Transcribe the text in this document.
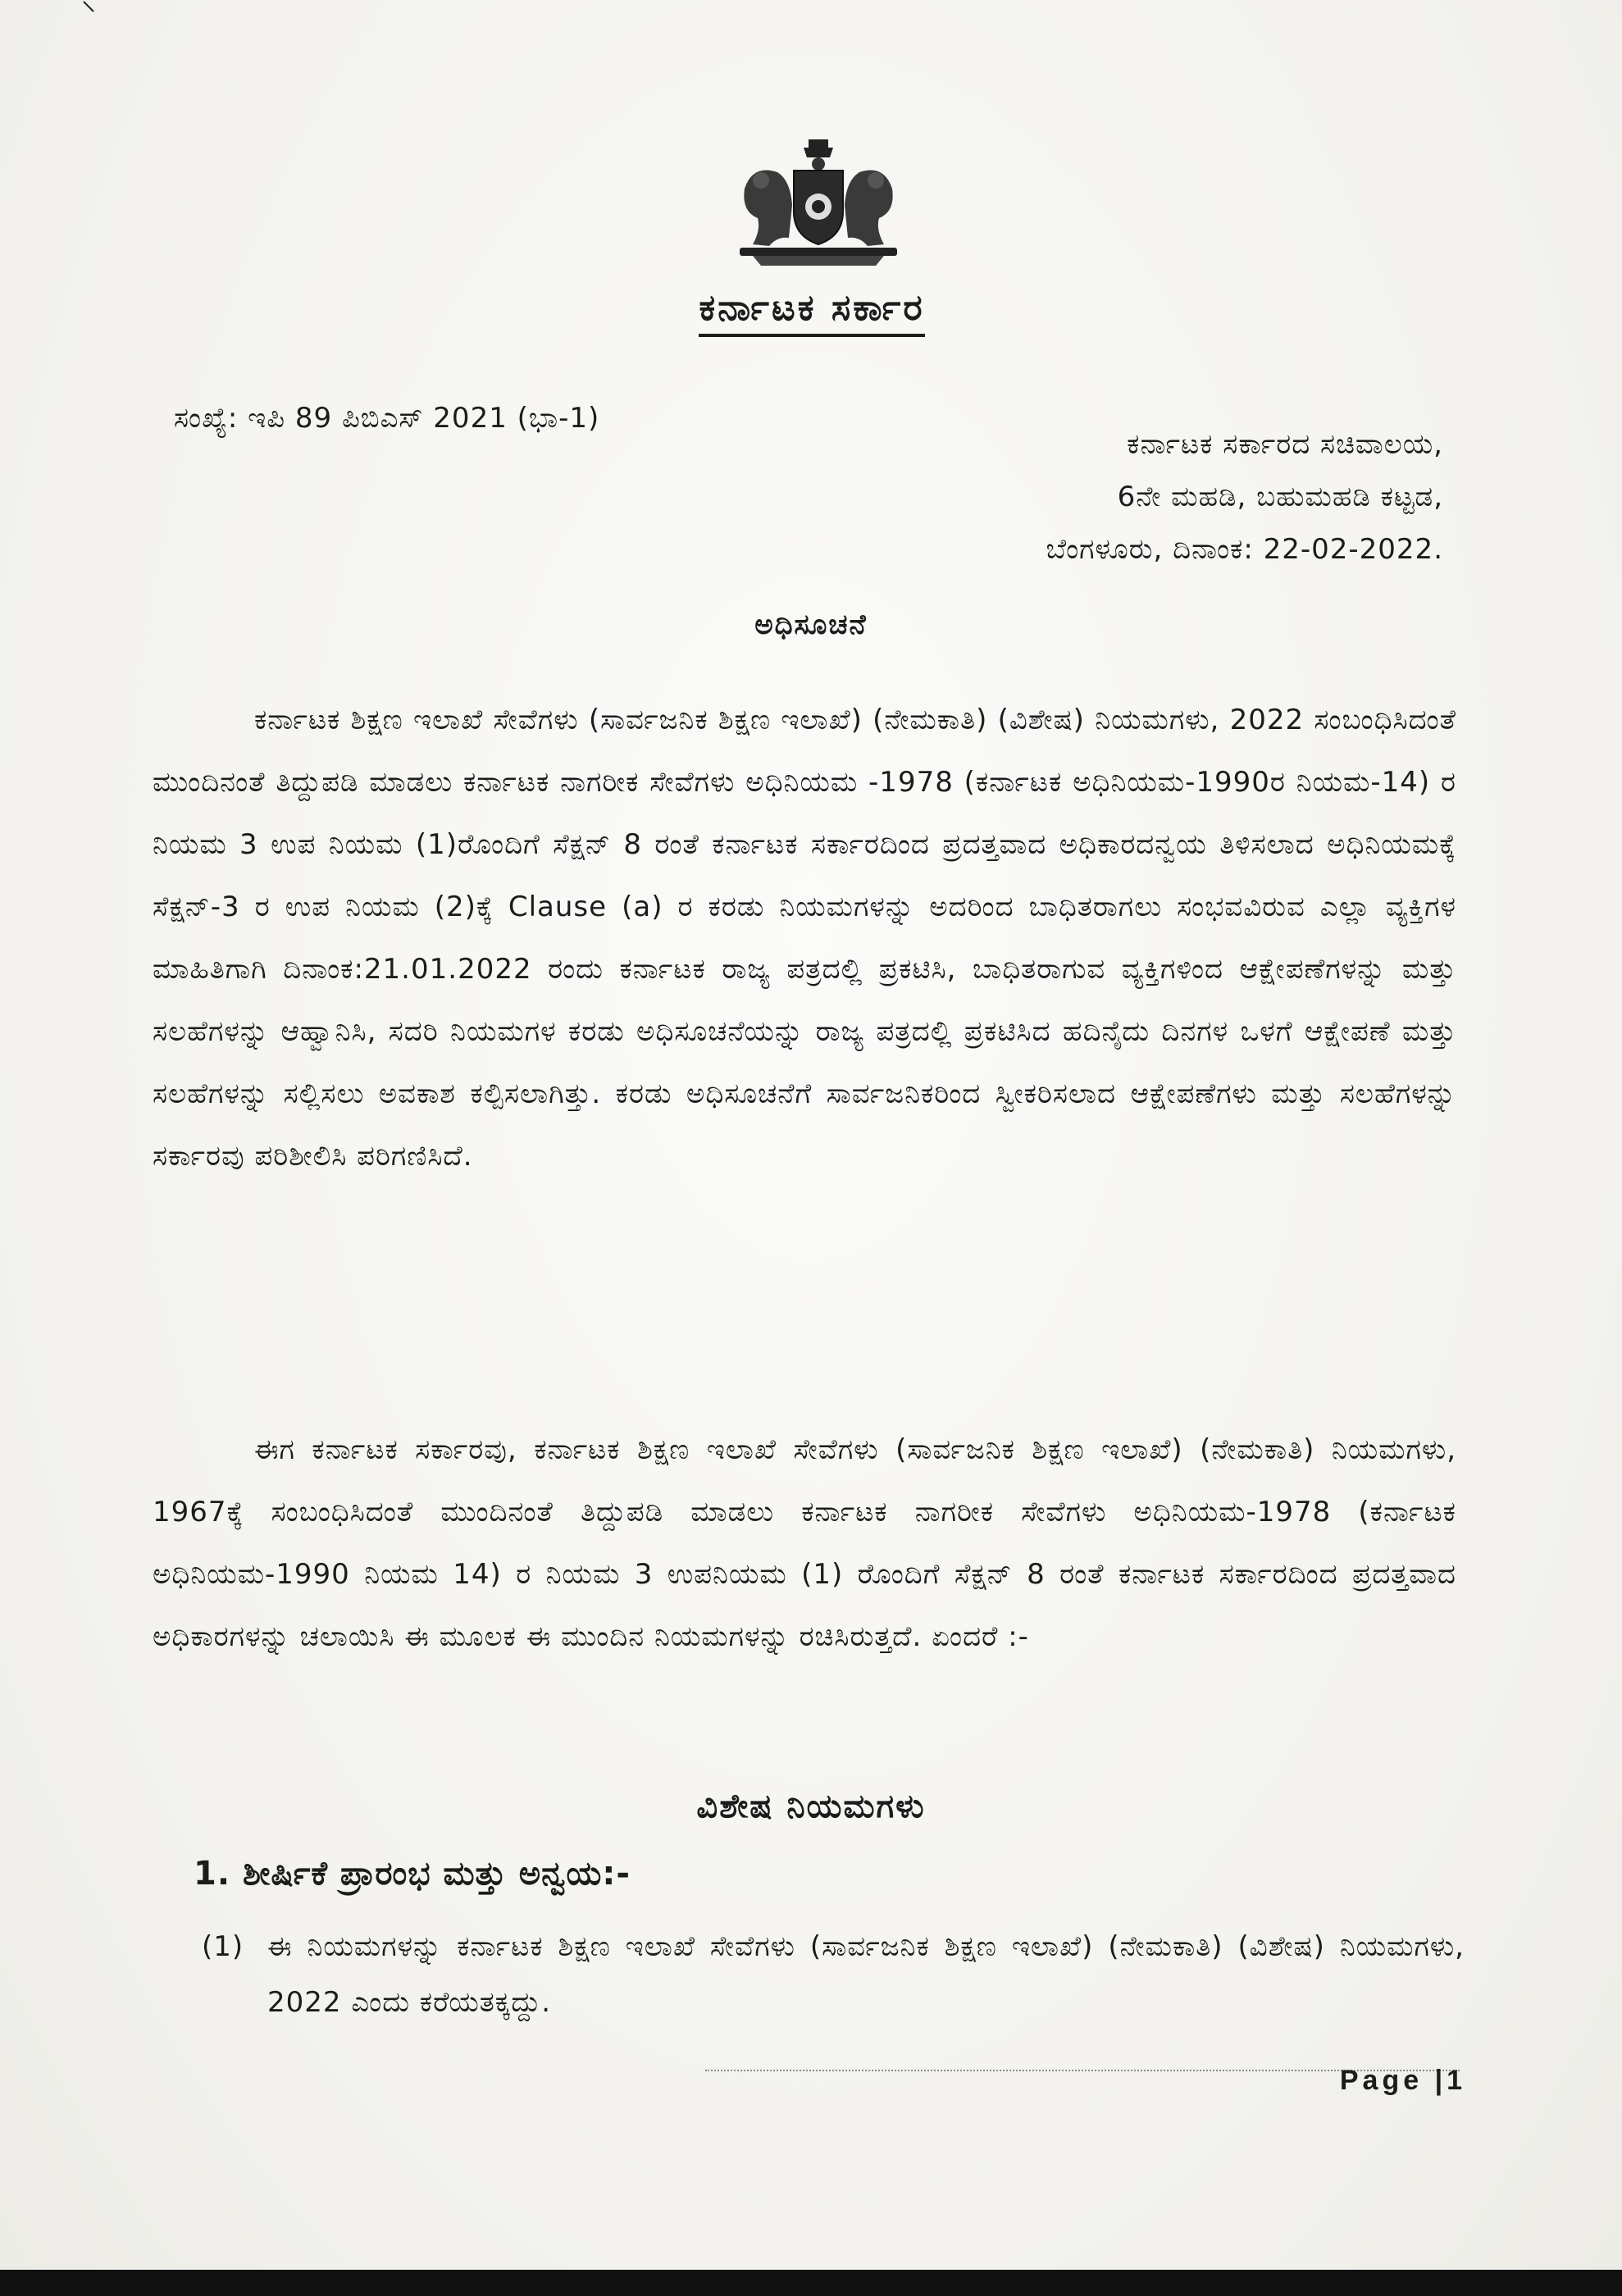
ಕರ್ನಾಟಕ ಸರ್ಕಾರ
ಸಂಖ್ಯೆ: ಇಪಿ 89 ಪಿಬಿಎಸ್ 2021 (ಭಾ-1)
ಕರ್ನಾಟಕ ಸರ್ಕಾರದ ಸಚಿವಾಲಯ,
6ನೇ ಮಹಡಿ, ಬಹುಮಹಡಿ ಕಟ್ಟಡ,
ಬೆಂಗಳೂರು, ದಿನಾಂಕ: 22-02-2022.
ಅಧಿಸೂಚನೆ

ಕರ್ನಾಟಕ ಶಿಕ್ಷಣ ಇಲಾಖೆ ಸೇವೆಗಳು (ಸಾರ್ವಜನಿಕ ಶಿಕ್ಷಣ ಇಲಾಖೆ) (ನೇಮಕಾತಿ) (ವಿಶೇಷ) ನಿಯಮಗಳು, 2022 ಸಂಬಂಧಿಸಿದಂತೆ ಮುಂದಿನಂತೆ ತಿದ್ದುಪಡಿ ಮಾಡಲು ಕರ್ನಾಟಕ ನಾಗರೀಕ ಸೇವೆಗಳು ಅಧಿನಿಯಮ -1978 (ಕರ್ನಾಟಕ ಅಧಿನಿಯಮ-1990ರ ನಿಯಮ-14) ರ ನಿಯಮ 3 ಉಪ ನಿಯಮ (1)ರೊಂದಿಗೆ ಸೆಕ್ಷನ್ 8 ರಂತೆ ಕರ್ನಾಟಕ ಸರ್ಕಾರದಿಂದ ಪ್ರದತ್ತವಾದ ಅಧಿಕಾರದನ್ವಯ ತಿಳಿಸಲಾದ ಅಧಿನಿಯಮಕ್ಕೆ ಸೆಕ್ಷನ್-3 ರ ಉಪ ನಿಯಮ (2)ಕ್ಕೆ Clause (a) ರ ಕರಡು ನಿಯಮಗಳನ್ನು ಅದರಿಂದ ಬಾಧಿತರಾಗಲು ಸಂಭವವಿರುವ ಎಲ್ಲಾ ವ್ಯಕ್ತಿಗಳ ಮಾಹಿತಿಗಾಗಿ ದಿನಾಂಕ:21.01.2022 ರಂದು ಕರ್ನಾಟಕ ರಾಜ್ಯ ಪತ್ರದಲ್ಲಿ ಪ್ರಕಟಿಸಿ, ಬಾಧಿತರಾಗುವ ವ್ಯಕ್ತಿಗಳಿಂದ ಆಕ್ಷೇಪಣೆಗಳನ್ನು ಮತ್ತು ಸಲಹೆಗಳನ್ನು ಆಹ್ವಾನಿಸಿ, ಸದರಿ ನಿಯಮಗಳ ಕರಡು ಅಧಿಸೂಚನೆಯನ್ನು ರಾಜ್ಯ ಪತ್ರದಲ್ಲಿ ಪ್ರಕಟಿಸಿದ ಹದಿನೈದು ದಿನಗಳ ಒಳಗೆ ಆಕ್ಷೇಪಣೆ ಮತ್ತು ಸಲಹೆಗಳನ್ನು ಸಲ್ಲಿಸಲು ಅವಕಾಶ ಕಲ್ಪಿಸಲಾಗಿತ್ತು. ಕರಡು ಅಧಿಸೂಚನೆಗೆ ಸಾರ್ವಜನಿಕರಿಂದ ಸ್ವೀಕರಿಸಲಾದ ಆಕ್ಷೇಪಣೆಗಳು ಮತ್ತು ಸಲಹೆಗಳನ್ನು ಸರ್ಕಾರವು ಪರಿಶೀಲಿಸಿ ಪರಿಗಣಿಸಿದೆ.

ಈಗ ಕರ್ನಾಟಕ ಸರ್ಕಾರವು, ಕರ್ನಾಟಕ ಶಿಕ್ಷಣ ಇಲಾಖೆ ಸೇವೆಗಳು (ಸಾರ್ವಜನಿಕ ಶಿಕ್ಷಣ ಇಲಾಖೆ) (ನೇಮಕಾತಿ) ನಿಯಮಗಳು, 1967ಕ್ಕೆ ಸಂಬಂಧಿಸಿದಂತೆ ಮುಂದಿನಂತೆ ತಿದ್ದುಪಡಿ ಮಾಡಲು ಕರ್ನಾಟಕ ನಾಗರೀಕ ಸೇವೆಗಳು ಅಧಿನಿಯಮ-1978 (ಕರ್ನಾಟಕ ಅಧಿನಿಯಮ-1990 ನಿಯಮ 14) ರ ನಿಯಮ 3 ಉಪನಿಯಮ (1) ರೊಂದಿಗೆ ಸೆಕ್ಷನ್ 8 ರಂತೆ ಕರ್ನಾಟಕ ಸರ್ಕಾರದಿಂದ ಪ್ರದತ್ತವಾದ ಅಧಿಕಾರಗಳನ್ನು ಚಲಾಯಿಸಿ ಈ ಮೂಲಕ ಈ ಮುಂದಿನ ನಿಯಮಗಳನ್ನು ರಚಿಸಿರುತ್ತದೆ. ಏಂದರೆ :-

ವಿಶೇಷ ನಿಯಮಗಳು
1. ಶೀರ್ಷಿಕೆ ಪ್ರಾರಂಭ ಮತ್ತು ಅನ್ವಯ:-
(1) ಈ ನಿಯಮಗಳನ್ನು ಕರ್ನಾಟಕ ಶಿಕ್ಷಣ ಇಲಾಖೆ ಸೇವೆಗಳು (ಸಾರ್ವಜನಿಕ ಶಿಕ್ಷಣ ಇಲಾಖೆ) (ನೇಮಕಾತಿ) (ವಿಶೇಷ) ನಿಯಮಗಳು, 2022 ಎಂದು ಕರೆಯತಕ್ಕದ್ದು.
Page |1
